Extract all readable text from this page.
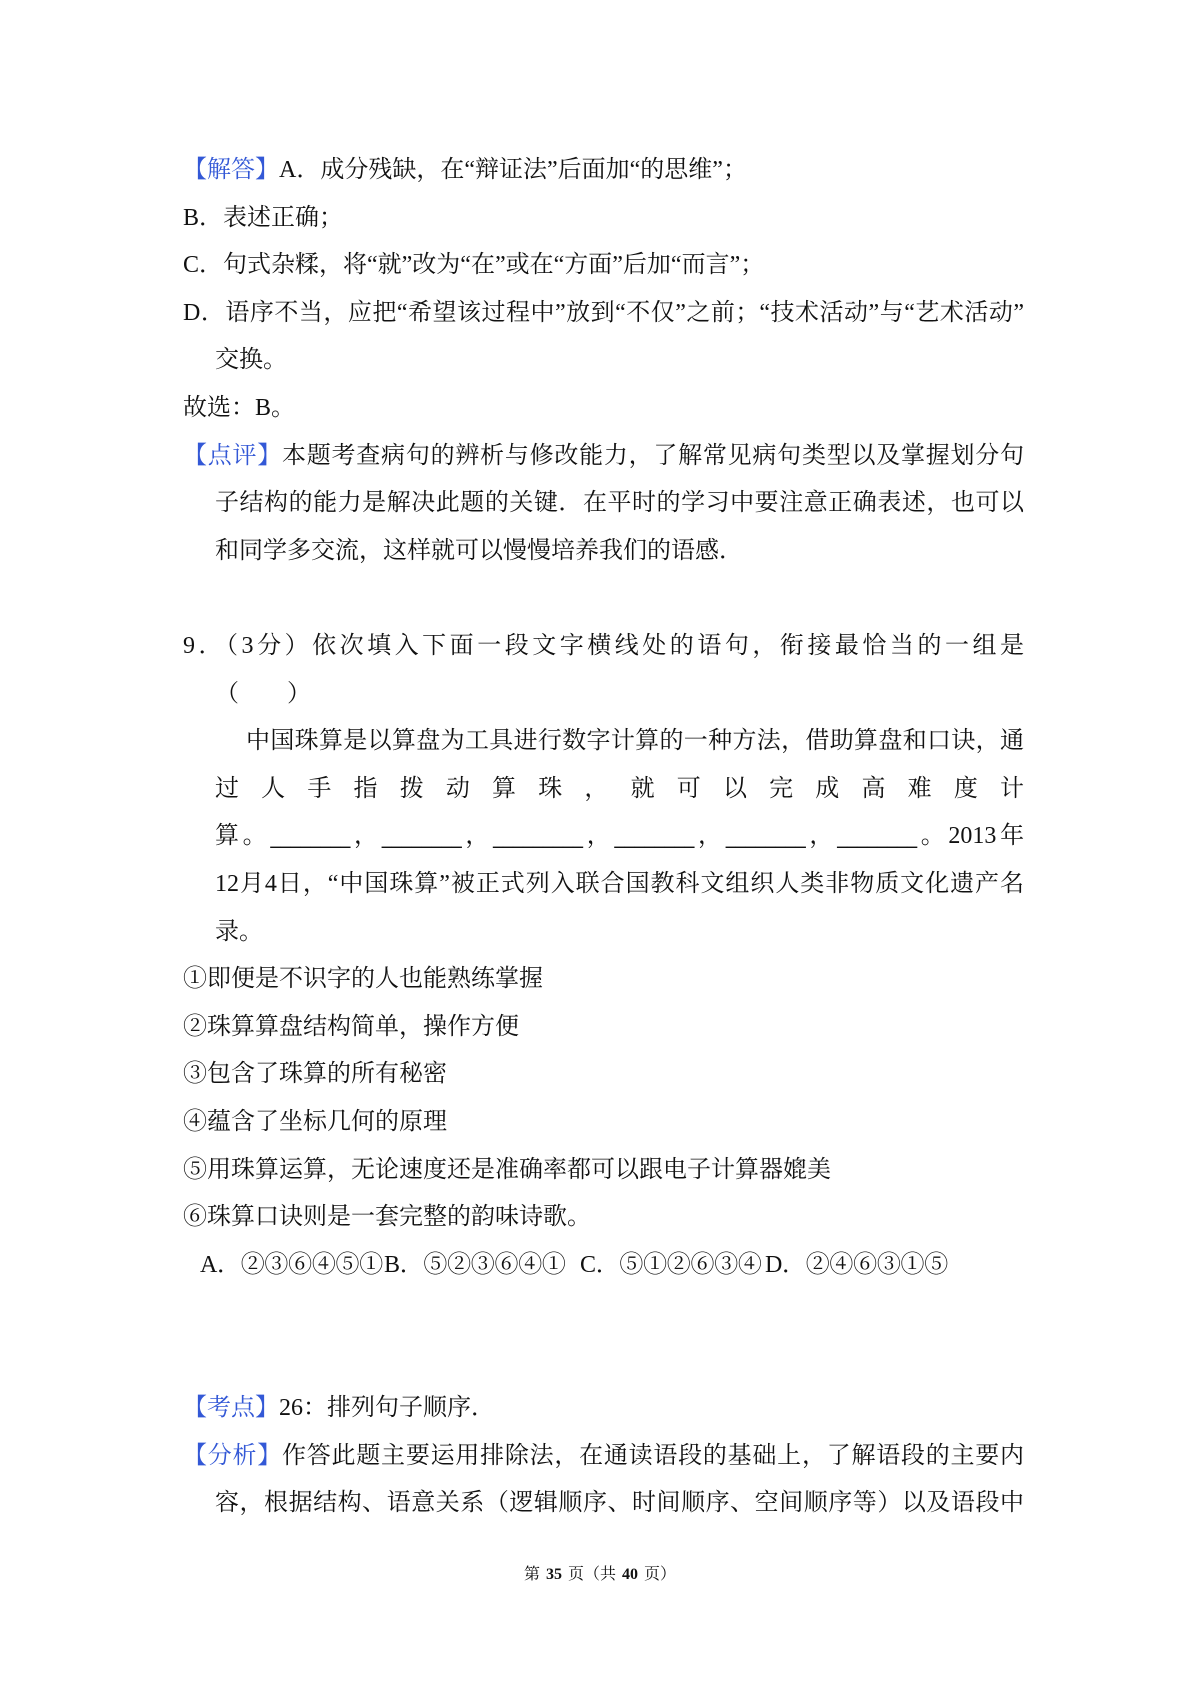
【解答】A．成分残缺，在“辩证法”后面加“的思维”；
B．表述正确；
C．句式杂糅，将“就”改为“在”或在“方面”后加“而言”；
D．语序不当，应把“希望该过程中”放到“不仅”之前；“技术活动”与“艺术活动”
交换。
故选：B。
【点评】本题考查病句的辨析与修改能力，了解常见病句类型以及掌握划分句
子结构的能力是解决此题的关键．在平时的学习中要注意正确表述，也可以
和同学多交流，这样就可以慢慢培养我们的语感．
9．（3分）依次填入下面一段文字横线处的语句，衔接最恰当的一组是
（　　）
中国珠算是以算盘为工具进行数字计算的一种方法，借助算盘和口诀，通
过人手指拨动算珠，就可以完成高难度计
算。________，________，_________，________，________，________。2013年
12月4日，“中国珠算”被正式列入联合国教科文组织人类非物质文化遗产名
录。
①即便是不识字的人也能熟练掌握
②珠算算盘结构简单，操作方便
③包含了珠算的所有秘密
④蕴含了坐标几何的原理
⑤用珠算运算，无论速度还是准确率都可以跟电子计算器媲美
⑥珠算口诀则是一套完整的韵味诗歌。
A．②③⑥④⑤① B．⑤②③⑥④① C．⑤①②⑥③④ D．②④⑥③①⑤
【考点】26：排列句子顺序．
【分析】作答此题主要运用排除法，在通读语段的基础上，了解语段的主要内
容，根据结构、语意关系（逻辑顺序、时间顺序、空间顺序等）以及语段中
第 35 页（共 40 页）
